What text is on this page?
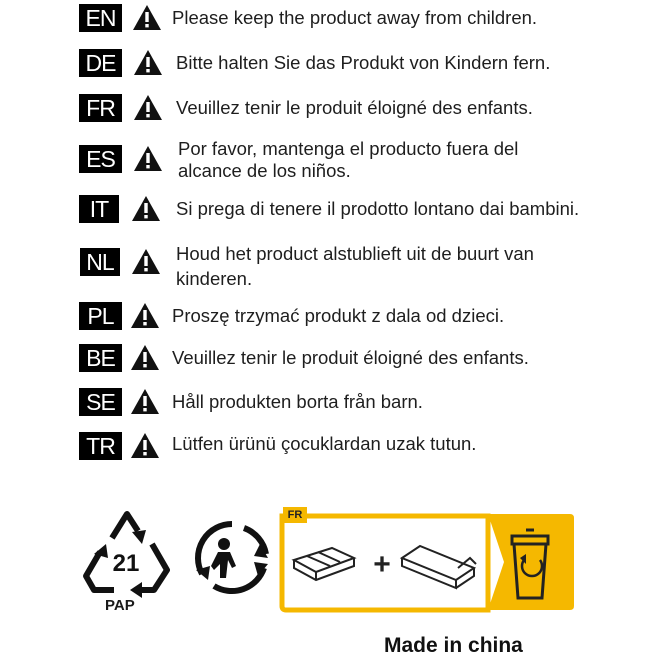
EN	Please keep the product away from children.
DE	Bitte halten Sie das Produkt von Kindern fern.
FR	Veuillez tenir le produit éloigné des enfants.
ES	Por favor, mantenga el producto fuera del
alcance de los niños.
IT	Si prega di tenere il prodotto lontano dai bambini.
NL	Houd het product alstublieft uit de buurt van
kinderen.
PL	Proszę trzymać produkt z dala od dzieci.
BE	Veuillez tenir le produit éloigné des enfants.
SE	Håll produkten borta från barn.
TR	Lütfen ürünü çocuklardan uzak tutun.
21
PAP
+
FR
Made in china
